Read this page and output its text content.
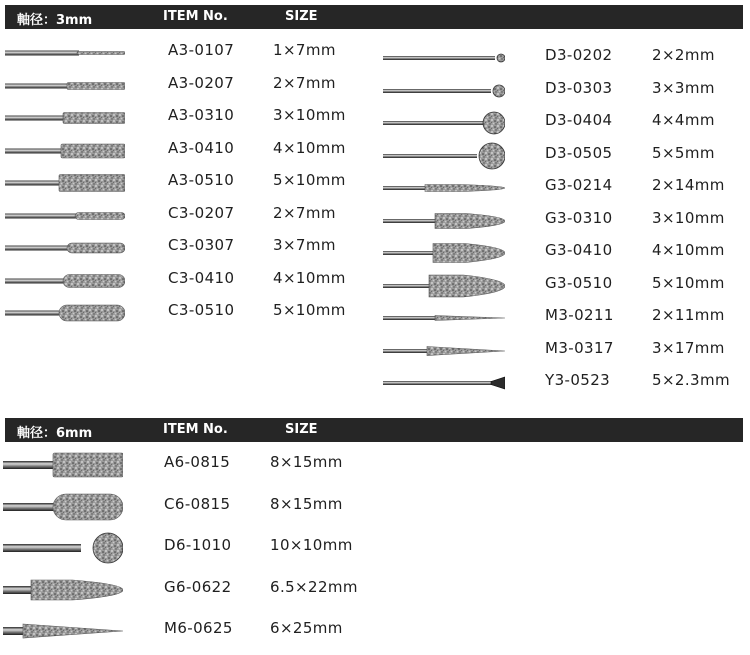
軸径：3mm	ITEM No.	SIZE
A3-0107	1×7mm
A3-0207	2×7mm
A3-0310	3×10mm
A3-0410	4×10mm
A3-0510	5×10mm
C3-0207	2×7mm
C3-0307	3×7mm
C3-0410	4×10mm
C3-0510	5×10mm
D3-0202	2×2mm
D3-0303	3×3mm
D3-0404	4×4mm
D3-0505	5×5mm
G3-0214	2×14mm
G3-0310	3×10mm
G3-0410	4×10mm
G3-0510	5×10mm
M3-0211	2×11mm
M3-0317	3×17mm
Y3-0523	5×2.3mm
軸径：6mm	ITEM No.	SIZE
A6-0815	8×15mm
C6-0815	8×15mm
D6-1010	10×10mm
G6-0622	6.5×22mm
M6-0625 6×25mm
